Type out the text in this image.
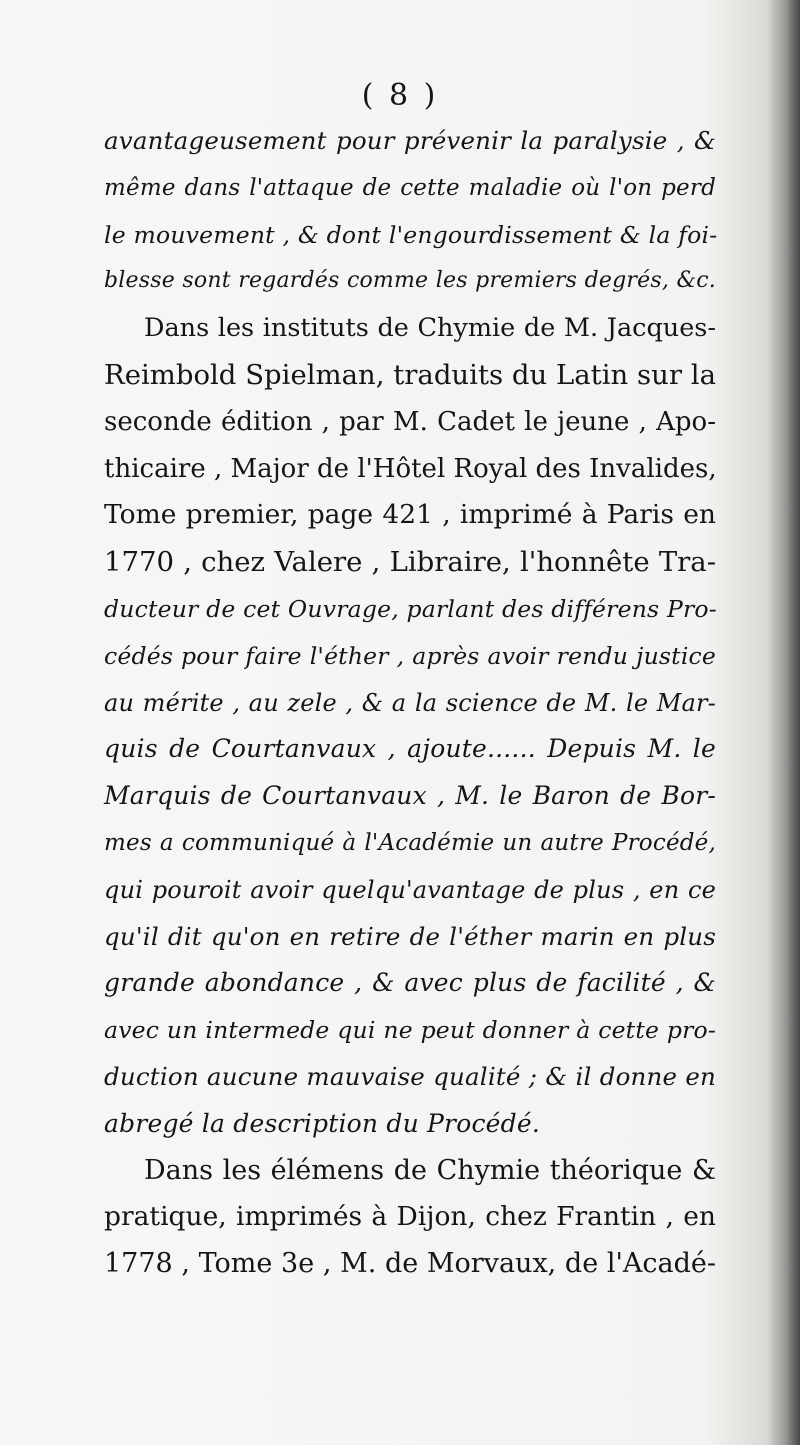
( 8 )
avantageusement pour prévenir la paralysie , &
même dans l'attaque de cette maladie où l'on perd
le mouvement , & dont l'engourdissement & la foi-
blesse sont regardés comme les premiers degrés, &c.
Dans les instituts de Chymie de M. Jacques-
Reimbold Spielman, traduits du Latin sur la
seconde édition , par M. Cadet le jeune , Apo-
thicaire , Major de l'Hôtel Royal des Invalides,
Tome premier, page 421 , imprimé à Paris en
1770 , chez Valere , Libraire, l'honnête Tra-
ducteur de cet Ouvrage, parlant des différens Pro-
cédés pour faire l'éther , après avoir rendu justice
au mérite , au zele , & a la science de M. le Mar-
quis de Courtanvaux , ajoute...... Depuis M. le
Marquis de Courtanvaux , M. le Baron de Bor-
mes a communiqué à l'Académie un autre Procédé,
qui pouroit avoir quelqu'avantage de plus , en ce
qu'il dit qu'on en retire de l'éther marin en plus
grande abondance , & avec plus de facilité , &
avec un intermede qui ne peut donner à cette pro-
duction aucune mauvaise qualité ; & il donne en
abregé la description du Procédé.
Dans les élémens de Chymie théorique &
pratique, imprimés à Dijon, chez Frantin , en
1778 , Tome 3e , M. de Morvaux, de l'Acadé-
